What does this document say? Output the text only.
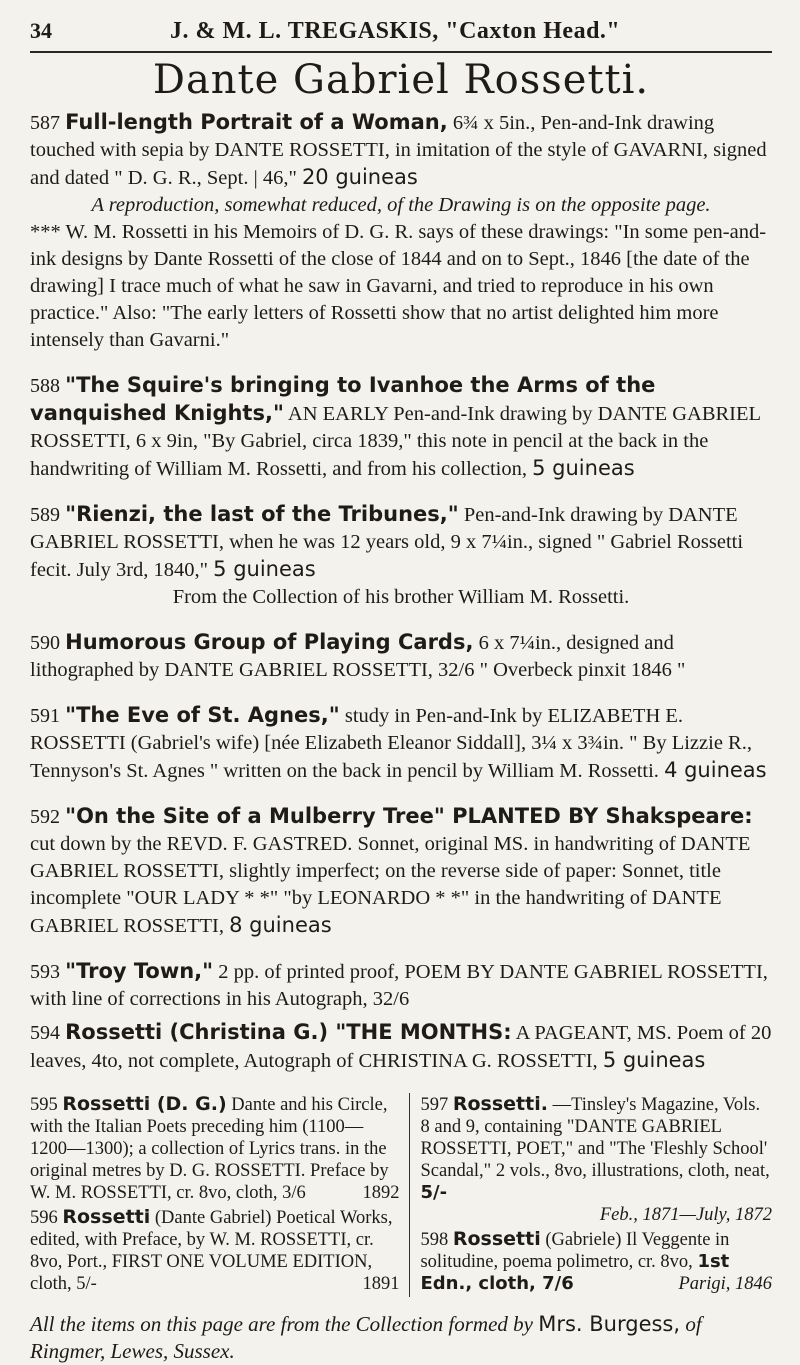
34	J. & M. L. TREGASKIS, "Caxton Head."
Dante Gabriel Rossetti.
587 Full-length Portrait of a Woman, 6¾ x 5in., Pen-and-Ink drawing touched with sepia by DANTE ROSSETTI, in imitation of the style of GAVARNI, signed and dated " D. G. R., Sept. | 46," 20 guineas
A reproduction, somewhat reduced, of the Drawing is on the opposite page.
*** W. M. Rossetti in his Memoirs of D. G. R. says of these drawings: "In some pen-and-ink designs by Dante Rossetti of the close of 1844 and on to Sept., 1846 [the date of the drawing] I trace much of what he saw in Gavarni, and tried to reproduce in his own practice." Also: "The early letters of Rossetti show that no artist delighted him more intensely than Gavarni."
588 "The Squire's bringing to Ivanhoe the Arms of the vanquished Knights," AN EARLY Pen-and-Ink drawing by DANTE GABRIEL ROSSETTI, 6 x 9in, "By Gabriel, circa 1839," this note in pencil at the back in the handwriting of William M. Rossetti, and from his collection, 5 guineas
589 "Rienzi, the last of the Tribunes," Pen-and-Ink drawing by DANTE GABRIEL ROSSETTI, when he was 12 years old, 9 x 7¼in., signed " Gabriel Rossetti fecit. July 3rd, 1840," 5 guineas
From the Collection of his brother William M. Rossetti.
590 Humorous Group of Playing Cards, 6 x 7¼in., designed and lithographed by DANTE GABRIEL ROSSETTI, 32/6 " Overbeck pinxit 1846 "
591 "The Eve of St. Agnes," study in Pen-and-Ink by ELIZABETH E. ROSSETTI (Gabriel's wife) [née Elizabeth Eleanor Siddall], 3¼ x 3¾in. " By Lizzie R., Tennyson's St. Agnes " written on the back in pencil by William M. Rossetti. 4 guineas
592 "On the Site of a Mulberry Tree" PLANTED BY Shakspeare: cut down by the REVD. F. GASTRED. Sonnet, original MS. in handwriting of DANTE GABRIEL ROSSETTI, slightly imperfect; on the reverse side of paper: Sonnet, title incomplete "OUR LADY * *" "by LEONARDO * *" in the handwriting of DANTE GABRIEL ROSSETTI, 8 guineas
593 "Troy Town," 2 pp. of printed proof, POEM BY DANTE GABRIEL ROSSETTI, with line of corrections in his Autograph, 32/6
594 Rossetti (Christina G.) "THE MONTHS: A PAGEANT, MS. Poem of 20 leaves, 4to, not complete, Autograph of CHRISTINA G. ROSSETTI, 5 guineas

595 Rossetti (D. G.) Dante and his Circle, with the Italian Poets preceding him (1100—1200—1300); a collection of Lyrics trans. in the original metres by D. G. ROSSETTI. Preface by W. M. ROSSETTI, cr. 8vo, cloth, 3/6	1892

596 Rossetti (Dante Gabriel) Poetical Works, edited, with Preface, by W. M. ROSSETTI, cr. 8vo, Port., FIRST ONE VOLUME EDITION, cloth, 5/-	1891

597 Rossetti. —Tinsley's Magazine, Vols. 8 and 9, containing "DANTE GABRIEL ROSSETTI, POET," and "The 'Fleshly School' Scandal," 2 vols., 8vo, illustrations, cloth, neat, 5/-
Feb., 1871—July, 1872

598 Rossetti (Gabriele) Il Veggente in solitudine, poema polimetro, cr. 8vo, 1st Edn., cloth, 7/6	Parigi, 1846

All the items on this page are from the Collection formed by Mrs. Burgess, of Ringmer, Lewes, Sussex.
